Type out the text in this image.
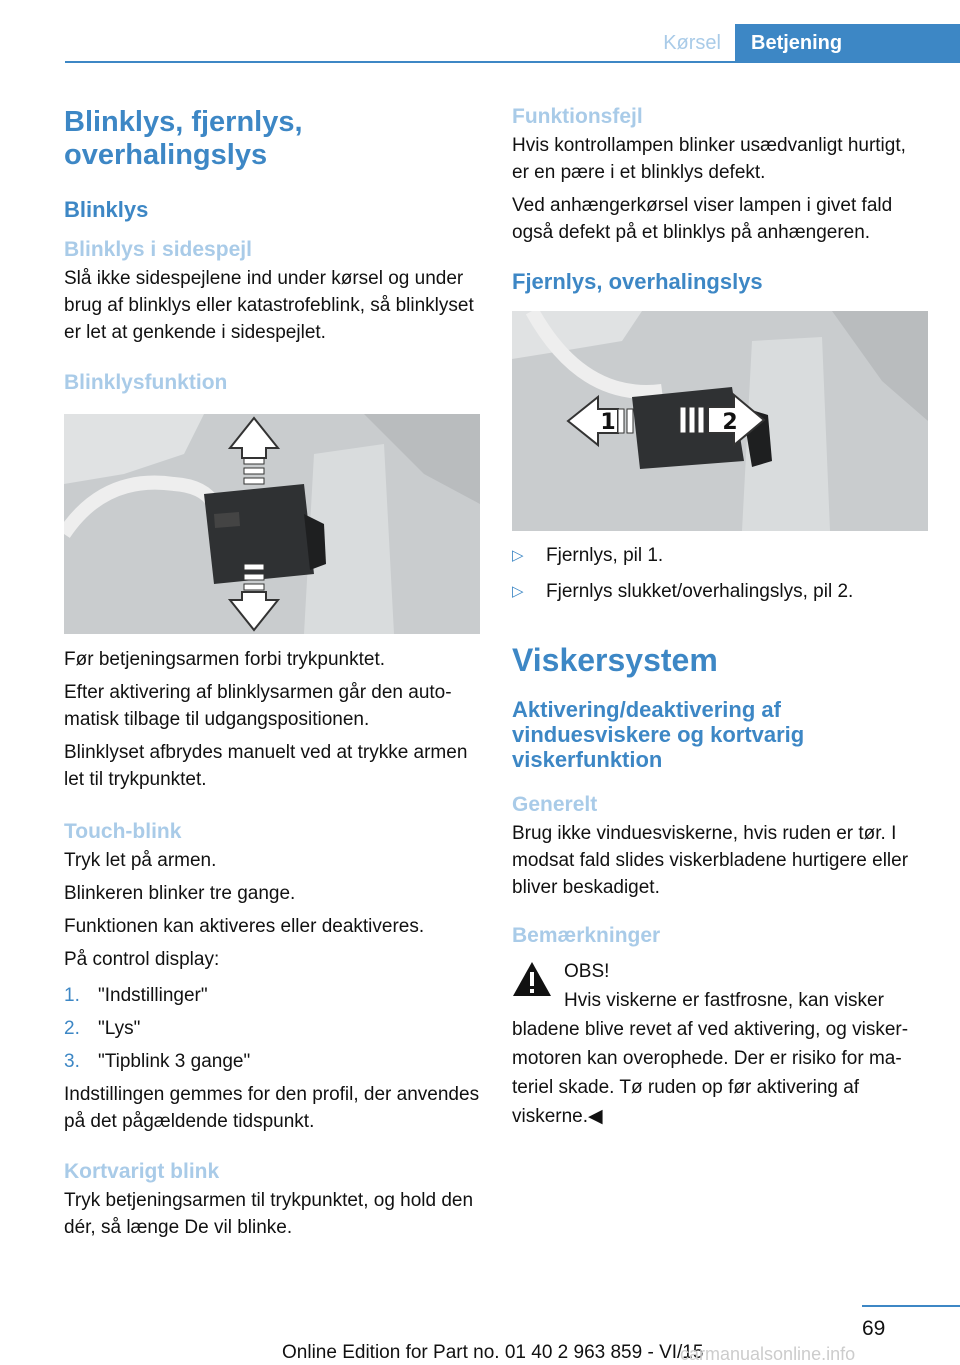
Kørsel	Betjening
Blinklys, fjernlys, overhalingslys
Blinklys
Blinklys i sidespejl

Slå ikke sidespejlene ind under kørsel og under brug af blinklys eller katastrofeblink, så blinklyset er let at genkende i sidespejlet.

Blinklysfunktion

Før betjeningsarmen forbi trykpunktet.

Efter aktivering af blinklysarmen går den automatisk tilbage til udgangspositionen.

Blinklyset afbrydes manuelt ved at trykke armen let til trykpunktet.

Touch-blink

Tryk let på armen.

Blinkeren blinker tre gange.

Funktionen kan aktiveres eller deaktiveres.

På control display:

1. "Indstillinger"
2. "Lys"
3. "Tipblink 3 gange"

Indstillingen gemmes for den profil, der anvendes på det pågældende tidspunkt.

Kortvarigt blink

Tryk betjeningsarmen til trykpunktet, og hold den dér, så længe De vil blinke.

Funktionsfejl

Hvis kontrollampen blinker usædvanligt hurtigt, er en pære i et blinklys defekt.

Ved anhængerkørsel viser lampen i givet fald også defekt på et blinklys på anhængeren.

Fjernlys, overhalingslys
1	2
▷ Fjernlys, pil 1.
▷ Fjernlys slukket/overhalingslys, pil 2.
Viskersystem
Aktivering/deaktivering af vinduesviskere og kortvarig viskerfunktion
Generelt

Brug ikke vinduesviskerne, hvis ruden er tør. I modsat fald slides viskerbladene hurtigere eller bliver beskadiget.

Bemærkninger
OBS!
Hvis viskerne er fastfrosne, kan visker
bladene blive revet af ved aktivering, og viskermotoren kan overophede. Der er risiko for materiel skade. Tø ruden op før aktivering af viskerne.◀
69
Online Edition for Part no. 01 40 2 963 859 - VI/15
carmanualsonline.info
